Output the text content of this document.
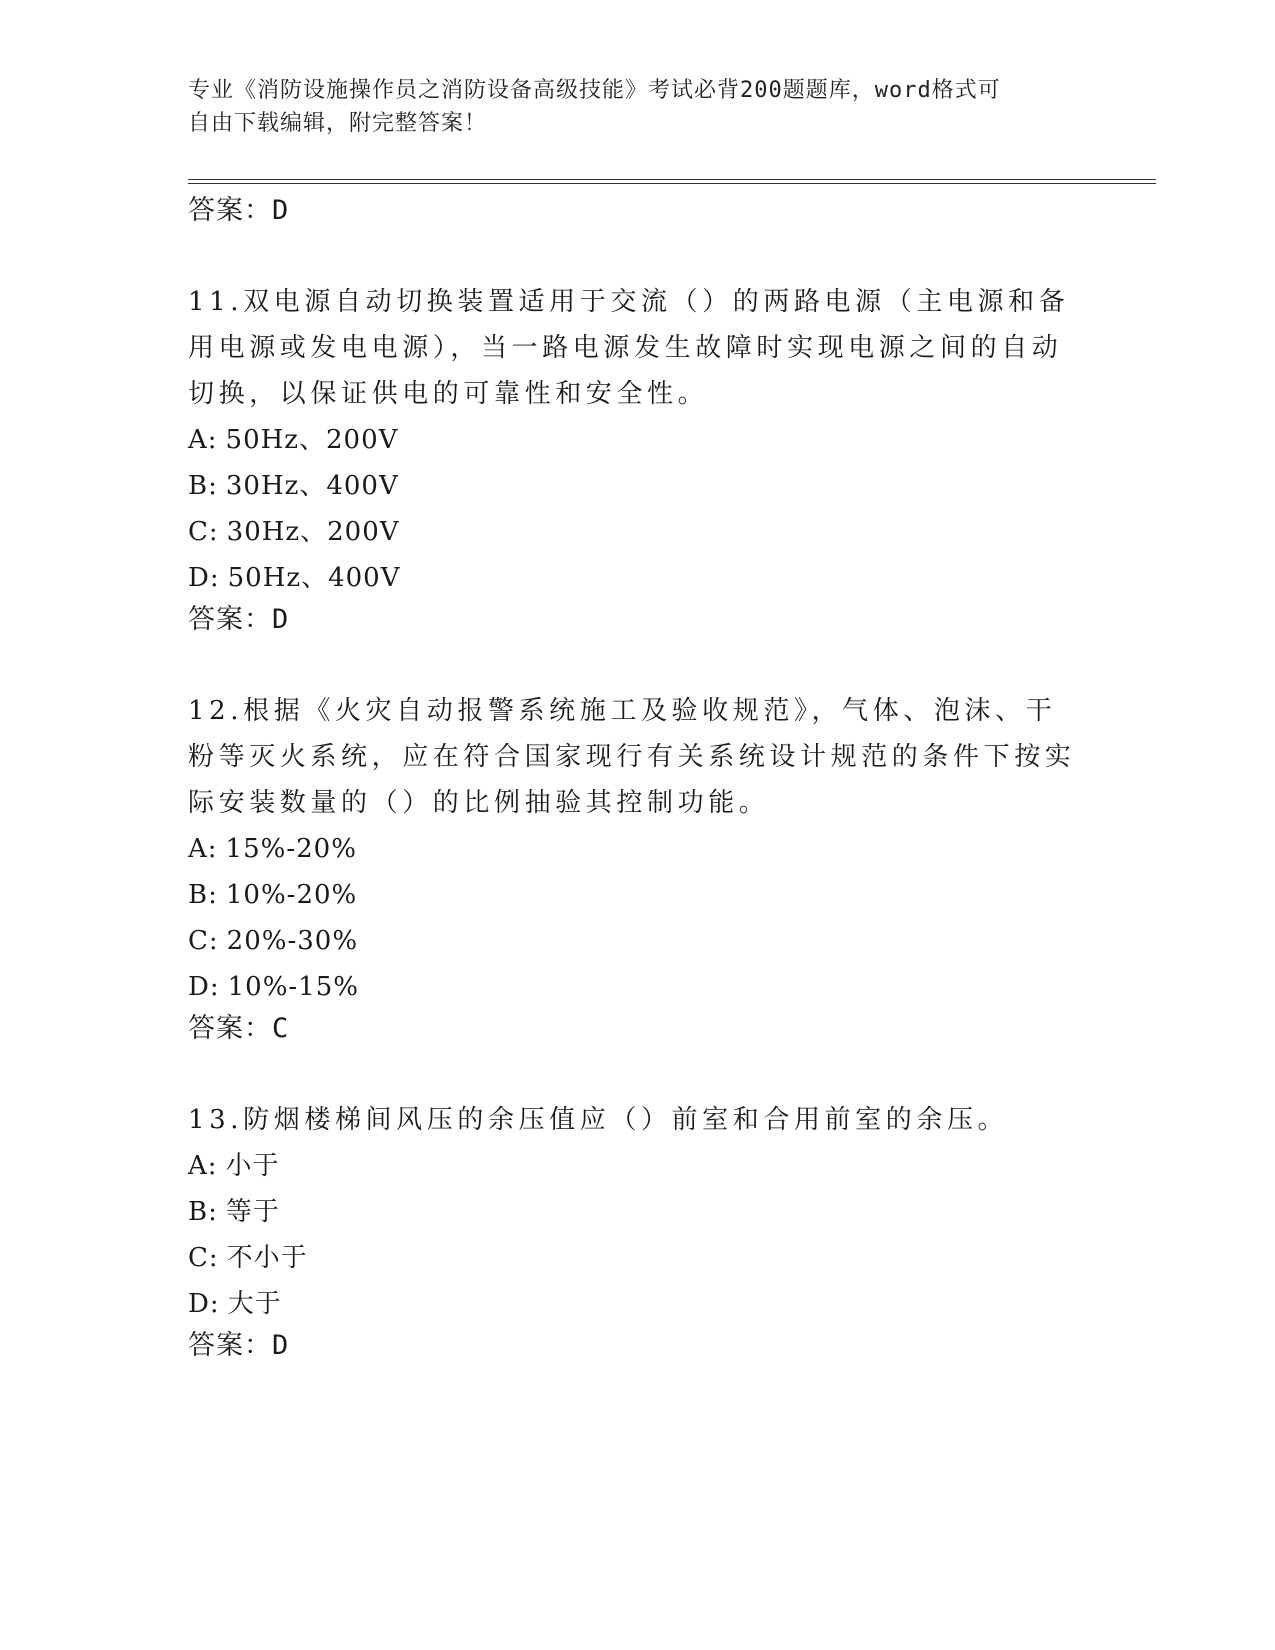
专业《消防设施操作员之消防设备高级技能》考试必背200题题库，word格式可
自由下载编辑，附完整答案！
答案：D
11.双电源自动切换装置适用于交流（）的两路电源（主电源和备用电源或发电电源），当一路电源发生故障时实现电源之间的自动切换，以保证供电的可靠性和安全性。
A: 50Hz、200V
B: 30Hz、400V
C: 30Hz、200V
D: 50Hz、400V
答案：D
12.根据《火灾自动报警系统施工及验收规范》，气体、泡沫、干粉等灭火系统，应在符合国家现行有关系统设计规范的条件下按实际安装数量的（）的比例抽验其控制功能。
A: 15%-20%
B: 10%-20%
C: 20%-30%
D: 10%-15%
答案：C
13.防烟楼梯间风压的余压值应（）前室和合用前室的余压。
A: 小于
B: 等于
C: 不小于
D: 大于
答案：D
